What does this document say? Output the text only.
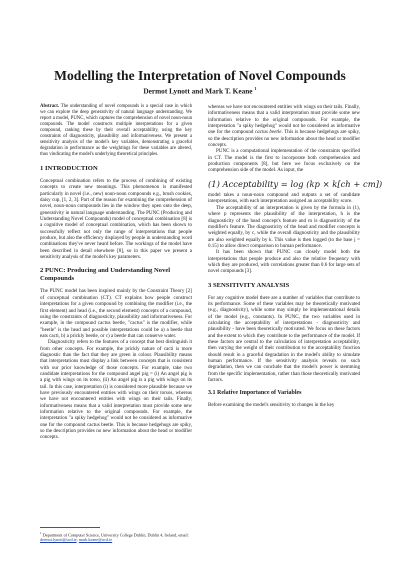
Modelling the Interpretation of Novel Compounds
Dermot Lynott and Mark T. Keane $^1$

Abstract. The understanding of novel compounds is a special case in which we can explore the deep generativity of natural language understanding. We report a model, PUNC, which captures the comprehension of novel noun-noun compounds. The model constructs multiple interpretations for a given compound, ranking these by their overall acceptability, using the key constraints of diagnosticity, plausibility and informativeness. We present a sensitivity analysis of the model's key variables, demonstrating a graceful degradation in performance as the weightings for these variables are altered, thus vindicating the model's underlying theoretical principles.

1 INTRODUCTION

Conceptual combination refers to the process of combining of existing concepts to create new meanings. This phenomenon is manifested particularly in novel (i.e., new) noun-noun compounds e.g., brush cookies, daisy cup, [1, 2, 3]. Part of the reason for examining the comprehension of novel, noun-noun compounds lies in the window they open onto the deep, generativity in natural language understanding. The PUNC (Producing and Understanding Novel Compounds) model of conceptual combination [8] is a cognitive model of conceptual combination, which has been shown to successfully reflect not only the range of interpretations that people produce, but also the efficiency displayed by people in understanding word combinations they've never heard before. The workings of the model have been described in detail elsewhere [8], so in this paper we present a sensitivity analysis of the model's key parameters.

2 PUNC: Producing and Understanding Novel Compounds

The PUNC model has been inspired mainly by the Constraint Theory [2] of conceptual combination (CT). CT explains how people construct interpretations for a given compound by combining the modifier (i.e., the first element) and head (i.e., the second element) concepts of a compound, using the constraints of diagnosticity, plausibility and informativeness. For example, in the compound cactus beetle, "cactus" is the modifier, while "beetle" is the head and possible interpretations could be a) a beetle that eats cacti, b) a prickly beetle, or c) a beetle that can conserve water.

Diagnosticity refers to the features of a concept that best distinguish it from other concepts. For example, the prickly nature of cacti is more diagnostic than the fact that they are green in colour. Plausibility means that interpretations must display a link between concepts that is consistent with our prior knowledge of those concepts. For example, take two candidate interpretations for the compound angel pig = (i) An angel pig is a pig with wings on its torso, (ii) An angel pig is a pig with wings on its tail. In this case, interpretation (i) is considered more plausible because we have previously encountered entities with wings on their torsos, whereas we have not encountered entities with wings on their tails. Finally, informativeness means that a valid interpretation must provide some new information relative to the original compounds. For example, the interpretation "a spiky hedgehog" would not be considered as informative one for the compound cactus beetle. This is because hedgehogs are spiky, so the description provides no new information about the head or modifier concepts.

whereas we have not encountered entities with wings on their tails. Finally, informativeness means that a valid interpretation must provide some new information relative to the original compounds. For example, the interpretation "a spiky hedgehog" would not be considered as informative one for the compound cactus beetle. This is because hedgehogs are spiky, so the description provides no new information about the head or modifier concepts.

PUNC is a computational implementation of the constraints specified in CT. The model is the first to incorporate both comprehension and production components [8], but here we focus exclusively on the comprehension side of the model. As input, the

(1) Acceptability = log (kp × k[ch + cm])

model takes a noun-noun compound and outputs a set of candidate interpretations, with each interpretation assigned an acceptability score.

The acceptability of an interpretation is given by the formula in (1), where p represents the plausibility of the interpretation, h is the diagnosticity of the head concept's feature and m is diagnosticity of the modifier's feature. The diagnosticity of the head and modifier concepts is weighted equally, by c, while the overall diagnosticity and the plausibility are also weighted equally by k. This value is then logged (to the base j = 0.15) to allow direct comparison to human performance.

It has been shown that PUNC can closely model both the interpretations that people produce and also the relative frequency with which they are produced, with correlations greater than 0.6 for large sets of novel compounds [3].

3 SENSITIVITY ANALYSIS

For any cognitive model there are a number of variables that contribute to its performance. Some of these variables may be theoretically motivated (e.g., diagnosticity), while some may simply be implementational details of the model (e.g., constants). In PUNC, the two variables used in calculating the acceptability of interpretations - diagnosticity and plausibility - have been theoretically motivated. We focus on these factors and the extent to which they contribute to the performance of the model. If these factors are central to the calculation of interpretation acceptability, then varying the weight of their contribution to the acceptability function should result in a graceful degradation in the model's ability to simulate human performance. If the sensitivity analysis reveals no such degradation, then we can conclude that the model's power is stemming from the specific implementation, rather than those theoretically motivated factors.

3.1 Relative Importance of Variables

Before examining the model's sensitivity to changes in the key

$^1$ Department of Computer Science, University College Dublin, Dublin 4, Ireland, email: dermot.lynott@ucd.ie, mark.keane@ucd.ie
